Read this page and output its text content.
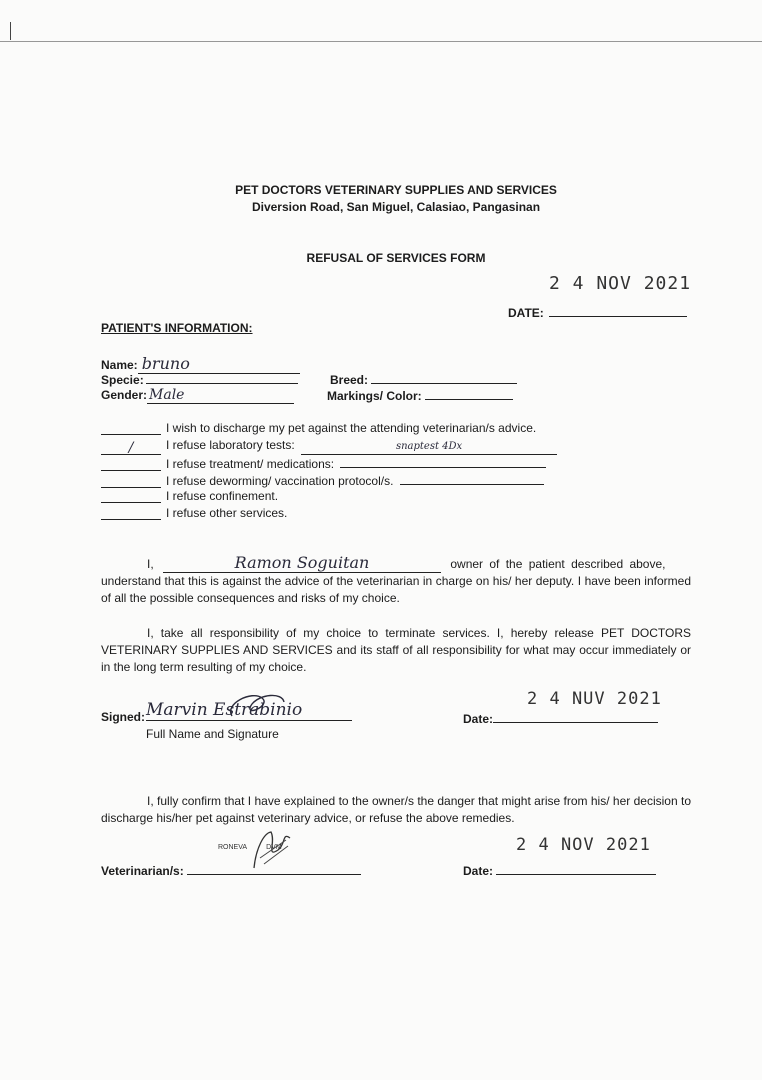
PET DOCTORS VETERINARY SUPPLIES AND SERVICES
Diversion Road, San Miguel, Calasiao, Pangasinan
REFUSAL OF SERVICES FORM
2 4 NOV 2021
DATE:
PATIENT'S INFORMATION:
Name: bruno
Specie:	Breed:
Gender: Male	Markings/ Color:
I wish to discharge my pet against the attending veterinarian/s advice.
/	I refuse laboratory tests:	snaptest 4Dx
I refuse treatment/ medications:
I refuse deworming/ vaccination protocol/s.
I refuse confinement.
I refuse other services.
I,	Ramon Soguitan	owner of the patient described above,
understand that this is against the advice of the veterinarian in charge on his/ her deputy. I have been informed of all the possible consequences and risks of my choice.
I, take all responsibility of my choice to terminate services. I, hereby release PET DOCTORS VETERINARY SUPPLIES AND SERVICES and its staff of all responsibility for what may occur immediately or in the long term resulting of my choice.
Signed: Marvin Estrabinio
Full Name and Signature
2 4 NUV 2021
Date:
I, fully confirm that I have explained to the owner/s the danger that might arise from his/ her decision to discharge his/her pet against veterinary advice, or refuse the above remedies.
RONEVA          DVM
Veterinarian/s:
2 4 NOV 2021
Date:
